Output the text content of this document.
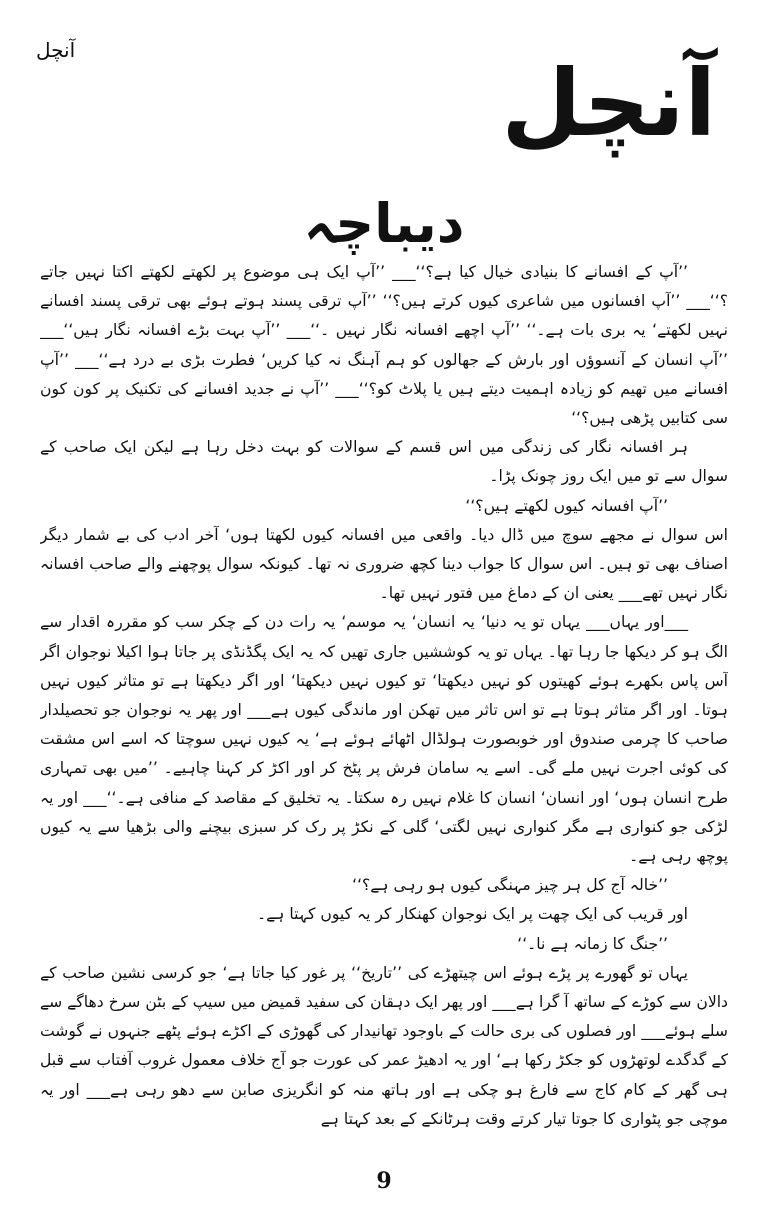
آنچل	آنچل
دیباچہ

’’آپ کے افسانے کا بنیادی خیال کیا ہے؟‘‘___ ’’آپ ایک ہی موضوع پر لکھتے لکھتے اکتا نہیں جاتے ؟‘‘___ ’’آپ افسانوں میں شاعری کیوں کرتے ہیں؟‘‘ ’’آپ ترقی پسند ہوتے ہوئے بھی ترقی پسند افسانے نہیں لکھتے‘ یہ بری بات ہے۔‘‘ ’’آپ اچھے افسانہ نگار نہیں ۔‘‘___ ’’آپ بہت بڑے افسانہ نگار ہیں‘‘___ ’’آپ انسان کے آنسوؤں اور بارش کے جھالوں کو ہم آہنگ نہ کیا کریں‘ فطرت بڑی بے درد ہے‘‘___ ’’آپ افسانے میں تھیم کو زیادہ اہمیت دیتے ہیں یا پلاٹ کو؟‘‘___ ’’آپ نے جدید افسانے کی تکنیک پر کون کون سی کتابیں پڑھی ہیں؟‘‘

ہر افسانہ نگار کی زندگی میں اس قسم کے سوالات کو بہت دخل رہا ہے لیکن ایک صاحب کے سوال سے تو میں ایک روز چونک پڑا۔

’’آپ افسانہ کیوں لکھتے ہیں؟‘‘

اس سوال نے مجھے سوچ میں ڈال دیا۔ واقعی میں افسانہ کیوں لکھتا ہوں‘ آخر ادب کی بے شمار دیگر اصناف بھی تو ہیں۔ اس سوال کا جواب دینا کچھ ضروری نہ تھا۔ کیونکہ سوال پوچھنے والے صاحب افسانہ نگار نہیں تھے___ یعنی ان کے دماغ میں فتور نہیں تھا۔

___اور یہاں___ یہاں تو یہ دنیا‘ یہ انسان‘ یہ موسم‘ یہ رات دن کے چکر سب کو مقررہ اقدار سے الگ ہو کر دیکھا جا رہا تھا۔ یہاں تو یہ کوششیں جاری تھیں کہ یہ ایک پگڈنڈی پر جاتا ہوا اکیلا نوجوان اگر آس پاس بکھرے ہوئے کھیتوں کو نہیں دیکھتا‘ تو کیوں نہیں دیکھتا‘ اور اگر دیکھتا ہے تو متاثر کیوں نہیں ہوتا۔ اور اگر متاثر ہوتا ہے تو اس تاثر میں تھکن اور ماندگی کیوں ہے___ اور پھر یہ نوجوان جو تحصیلدار صاحب کا چرمی صندوق اور خوبصورت ہولڈال اٹھائے ہوئے ہے‘ یہ کیوں نہیں سوچتا کہ اسے اس مشقت کی کوئی اجرت نہیں ملے گی۔ اسے یہ سامان فرش پر پٹخ کر اور اکڑ کر کہنا چاہیے۔ ’’میں بھی تمہاری طرح انسان ہوں‘ اور انسان‘ انسان کا غلام نہیں رہ سکتا۔ یہ تخلیق کے مقاصد کے منافی ہے۔‘‘___ اور یہ لڑکی جو کنواری ہے مگر کنواری نہیں لگتی‘ گلی کے نکڑ پر رک کر سبزی بیچنے والی بڑھیا سے یہ کیوں پوچھ رہی ہے۔

’’خالہ آج کل ہر چیز مہنگی کیوں ہو رہی ہے؟‘‘

اور قریب کی ایک چھت پر ایک نوجوان کھنکار کر یہ کیوں کہتا ہے۔

’’جنگ کا زمانہ ہے نا۔‘‘

یہاں تو گھورے پر پڑے ہوئے اس چیتھڑے کی ’’تاریخ‘‘ پر غور کیا جاتا ہے‘ جو کرسی نشین صاحب کے دالان سے کوڑے کے ساتھ آ گرا ہے___ اور پھر ایک دہقان کی سفید قمیض میں سیپ کے بٹن سرخ دھاگے سے سلے ہوئے___ اور فصلوں کی بری حالت کے باوجود تھانیدار کی گھوڑی کے اکڑے ہوئے پٹھے جنہوں نے گوشت کے گدگدے لوتھڑوں کو جکڑ رکھا ہے‘ اور یہ ادھیڑ عمر کی عورت جو آج خلاف معمول غروب آفتاب سے قبل ہی گھر کے کام کاج سے فارغ ہو چکی ہے اور ہاتھ منہ کو انگریزی صابن سے دھو رہی ہے___ اور یہ موچی جو پٹواری کا جوتا تیار کرتے وقت ہرٹانکے کے بعد کہتا ہے

9
